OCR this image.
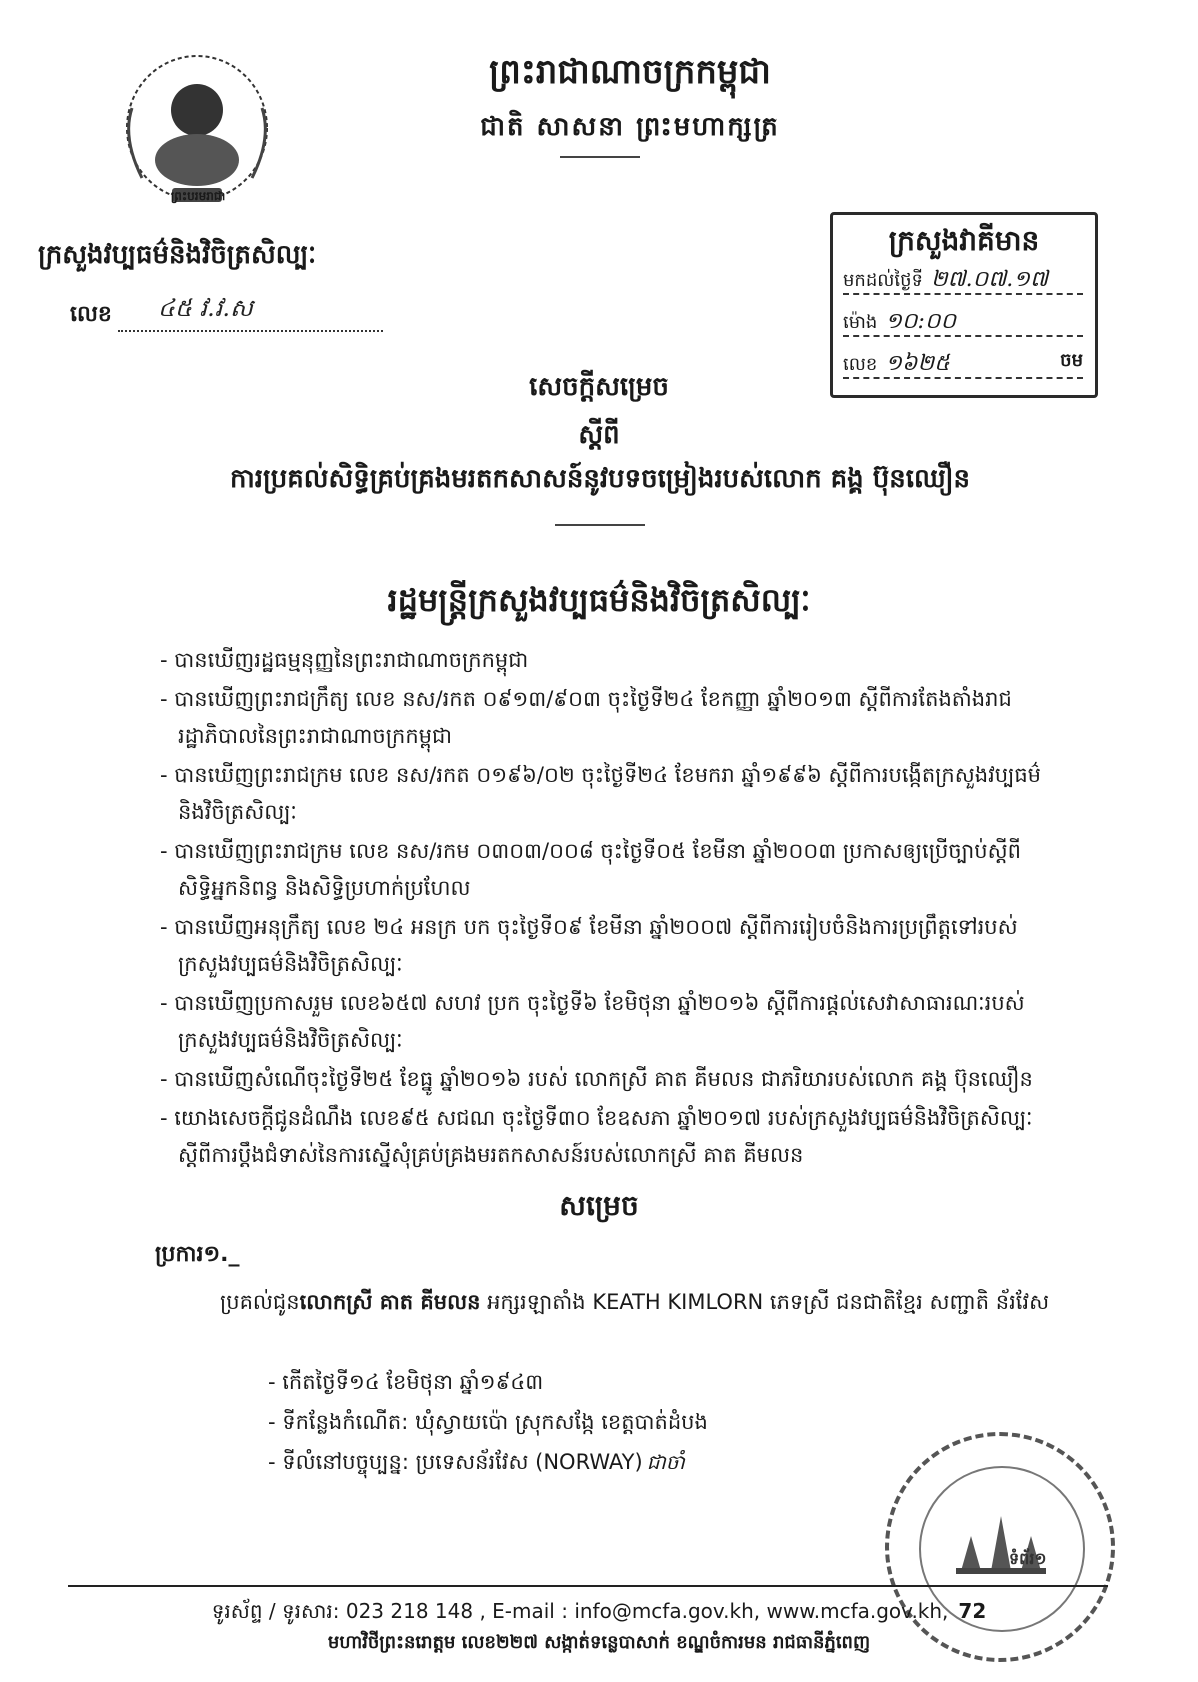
ព្រះបរមរាជា
ព្រះរាជាណាចក្រកម្ពុជា
ជាតិ សាសនា ព្រះមហាក្សត្រ
ក្រសួងវប្បធម៌និងវិចិត្រសិល្បៈ
លេខ ៤៥ វ.វ.ស
ក្រសួងវាគីមាន
មកដល់ថ្ងៃទី ២៧.០៧.១៧
ម៉ោង ១០:០០
លេខ ១៦២៥	ចម
សេចក្តីសម្រេច
ស្តីពី
ការប្រគល់សិទ្ធិគ្រប់គ្រងមរតកសាសន៍នូវបទចម្រៀងរបស់លោក គង្គ ប៊ុនឈឿន
រដ្ឋមន្ត្រីក្រសួងវប្បធម៌និងវិចិត្រសិល្បៈ
- បានឃើញរដ្ឋធម្មនុញ្ញនៃព្រះរាជាណាចក្រកម្ពុជា
- បានឃើញព្រះរាជក្រឹត្យ លេខ នស/រកត ០៩១៣/៩០៣ ចុះថ្ងៃទី២៤ ខែកញ្ញា ឆ្នាំ២០១៣ ស្តីពីការតែងតាំងរាជរដ្ឋាភិបាលនៃព្រះរាជាណាចក្រកម្ពុជា
- បានឃើញព្រះរាជក្រម លេខ នស/រកត ០១៩៦/០២ ចុះថ្ងៃទី២៤ ខែមករា ឆ្នាំ១៩៩៦ ស្តីពីការបង្កើតក្រសួងវប្បធម៌និងវិចិត្រសិល្បៈ
- បានឃើញព្រះរាជក្រម លេខ នស/រកម ០៣០៣/០០៨ ចុះថ្ងៃទី០៥ ខែមីនា ឆ្នាំ២០០៣ ប្រកាសឲ្យប្រើច្បាប់ស្តីពី សិទ្ធិអ្នកនិពន្ធ និងសិទ្ធិប្រហាក់ប្រហែល
- បានឃើញអនុក្រឹត្យ លេខ ២៤ អនក្រ បក ចុះថ្ងៃទី០៩ ខែមីនា ឆ្នាំ២០០៧ ស្តីពីការរៀបចំនិងការប្រព្រឹត្តទៅរបស់ក្រសួងវប្បធម៌និងវិចិត្រសិល្បៈ
- បានឃើញប្រកាសរួម លេខ៦៥៧ សហវ ប្រក ចុះថ្ងៃទី៦ ខែមិថុនា ឆ្នាំ២០១៦ ស្តីពីការផ្តល់សេវាសាធារណៈរបស់ក្រសួងវប្បធម៌និងវិចិត្រសិល្បៈ
- បានឃើញសំណើចុះថ្ងៃទី២៥ ខែធ្នូ ឆ្នាំ២០១៦ របស់ លោកស្រី គាត គីមលន ជាភរិយារបស់លោក គង្គ ប៊ុនឈឿន
- យោងសេចក្តីជូនដំណឹង លេខ៩៥ សជណ ចុះថ្ងៃទី៣០ ខែឧសភា ឆ្នាំ២០១៧ របស់ក្រសួងវប្បធម៌និងវិចិត្រសិល្បៈស្តីពីការប្តឹងជំទាស់នៃការស្នើសុំគ្រប់គ្រងមរតកសាសន៍របស់លោកស្រី គាត គីមលន
សម្រេច
ប្រការ១._
ប្រគល់ជូនលោកស្រី គាត គីមលន អក្សរឡាតាំង KEATH KIMLORN ភេទស្រី ជនជាតិខ្មែរ សញ្ជាតិ ន័រវែស
- កើតថ្ងៃទី១៤ ខែមិថុនា ឆ្នាំ១៩៤៣
- ទីកន្លែងកំណើត: ឃុំស្វាយប៉ោ ស្រុកសង្កែ ខេត្តបាត់ដំបង
- ទីលំនៅបច្ចុប្បន្ន: ប្រទេសន័រវែស (NORWAY) ជាចាំ
ទំព័រ១
ទូរស័ព្ទ / ទូរសារ: 023 218 148 , E-mail : info@mcfa.gov.kh, www.mcfa.gov.kh, 72
មហាវិថីព្រះនរោត្តម លេខ២២៧ សង្កាត់ទន្លេបាសាក់ ខណ្ឌចំការមន រាជធានីភ្នំពេញ
